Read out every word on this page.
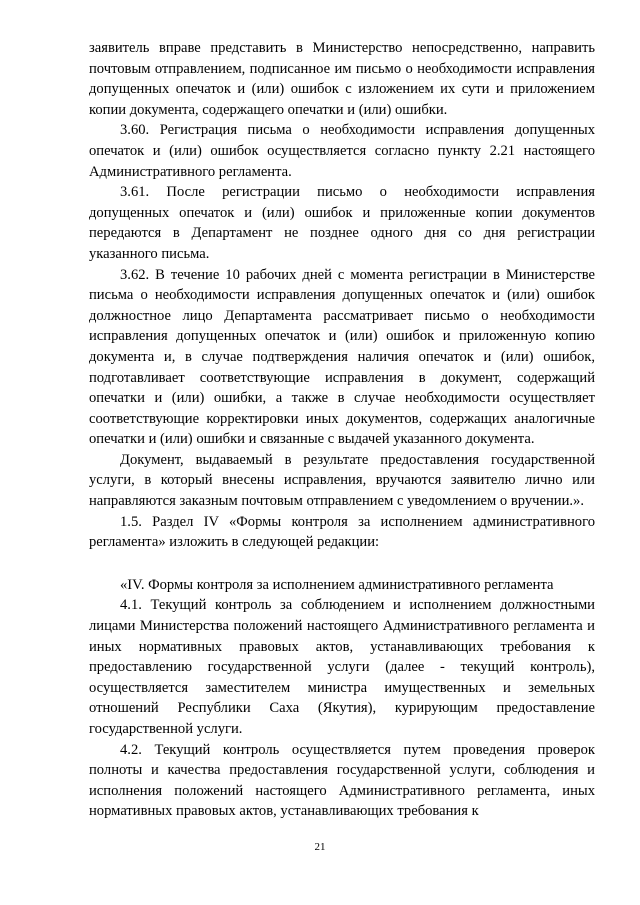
заявитель вправе представить в Министерство непосредственно, направить почтовым отправлением, подписанное им письмо о необходимости исправления допущенных опечаток и (или) ошибок с изложением их сути и приложением копии документа, содержащего опечатки и (или) ошибки.

3.60. Регистрация письма о необходимости исправления допущенных опечаток и (или) ошибок осуществляется согласно пункту 2.21 настоящего Административного регламента.

3.61. После регистрации письмо о необходимости исправления допущенных опечаток и (или) ошибок и приложенные копии документов передаются в Департамент не позднее одного дня со дня регистрации указанного письма.

3.62. В течение 10 рабочих дней с момента регистрации в Министерстве письма о необходимости исправления допущенных опечаток и (или) ошибок должностное лицо Департамента рассматривает письмо о необходимости исправления допущенных опечаток и (или) ошибок и приложенную копию документа и, в случае подтверждения наличия опечаток и (или) ошибок, подготавливает соответствующие исправления в документ, содержащий опечатки и (или) ошибки, а также в случае необходимости осуществляет соответствующие корректировки иных документов, содержащих аналогичные опечатки и (или) ошибки и связанные с выдачей указанного документа.

Документ, выдаваемый в результате предоставления государственной услуги, в который внесены исправления, вручаются заявителю лично или направляются заказным почтовым отправлением с уведомлением о вручении.».

1.5. Раздел IV «Формы контроля за исполнением административного регламента» изложить в следующей редакции:

«IV. Формы контроля за исполнением административного регламента

4.1. Текущий контроль за соблюдением и исполнением должностными лицами Министерства положений настоящего Административного регламента и иных нормативных правовых актов, устанавливающих требования к предоставлению государственной услуги (далее - текущий контроль), осуществляется заместителем министра имущественных и земельных отношений Республики Саха (Якутия), курирующим предоставление государственной услуги.

4.2. Текущий контроль осуществляется путем проведения проверок полноты и качества предоставления государственной услуги, соблюдения и исполнения положений настоящего Административного регламента, иных нормативных правовых актов, устанавливающих требования к

21
